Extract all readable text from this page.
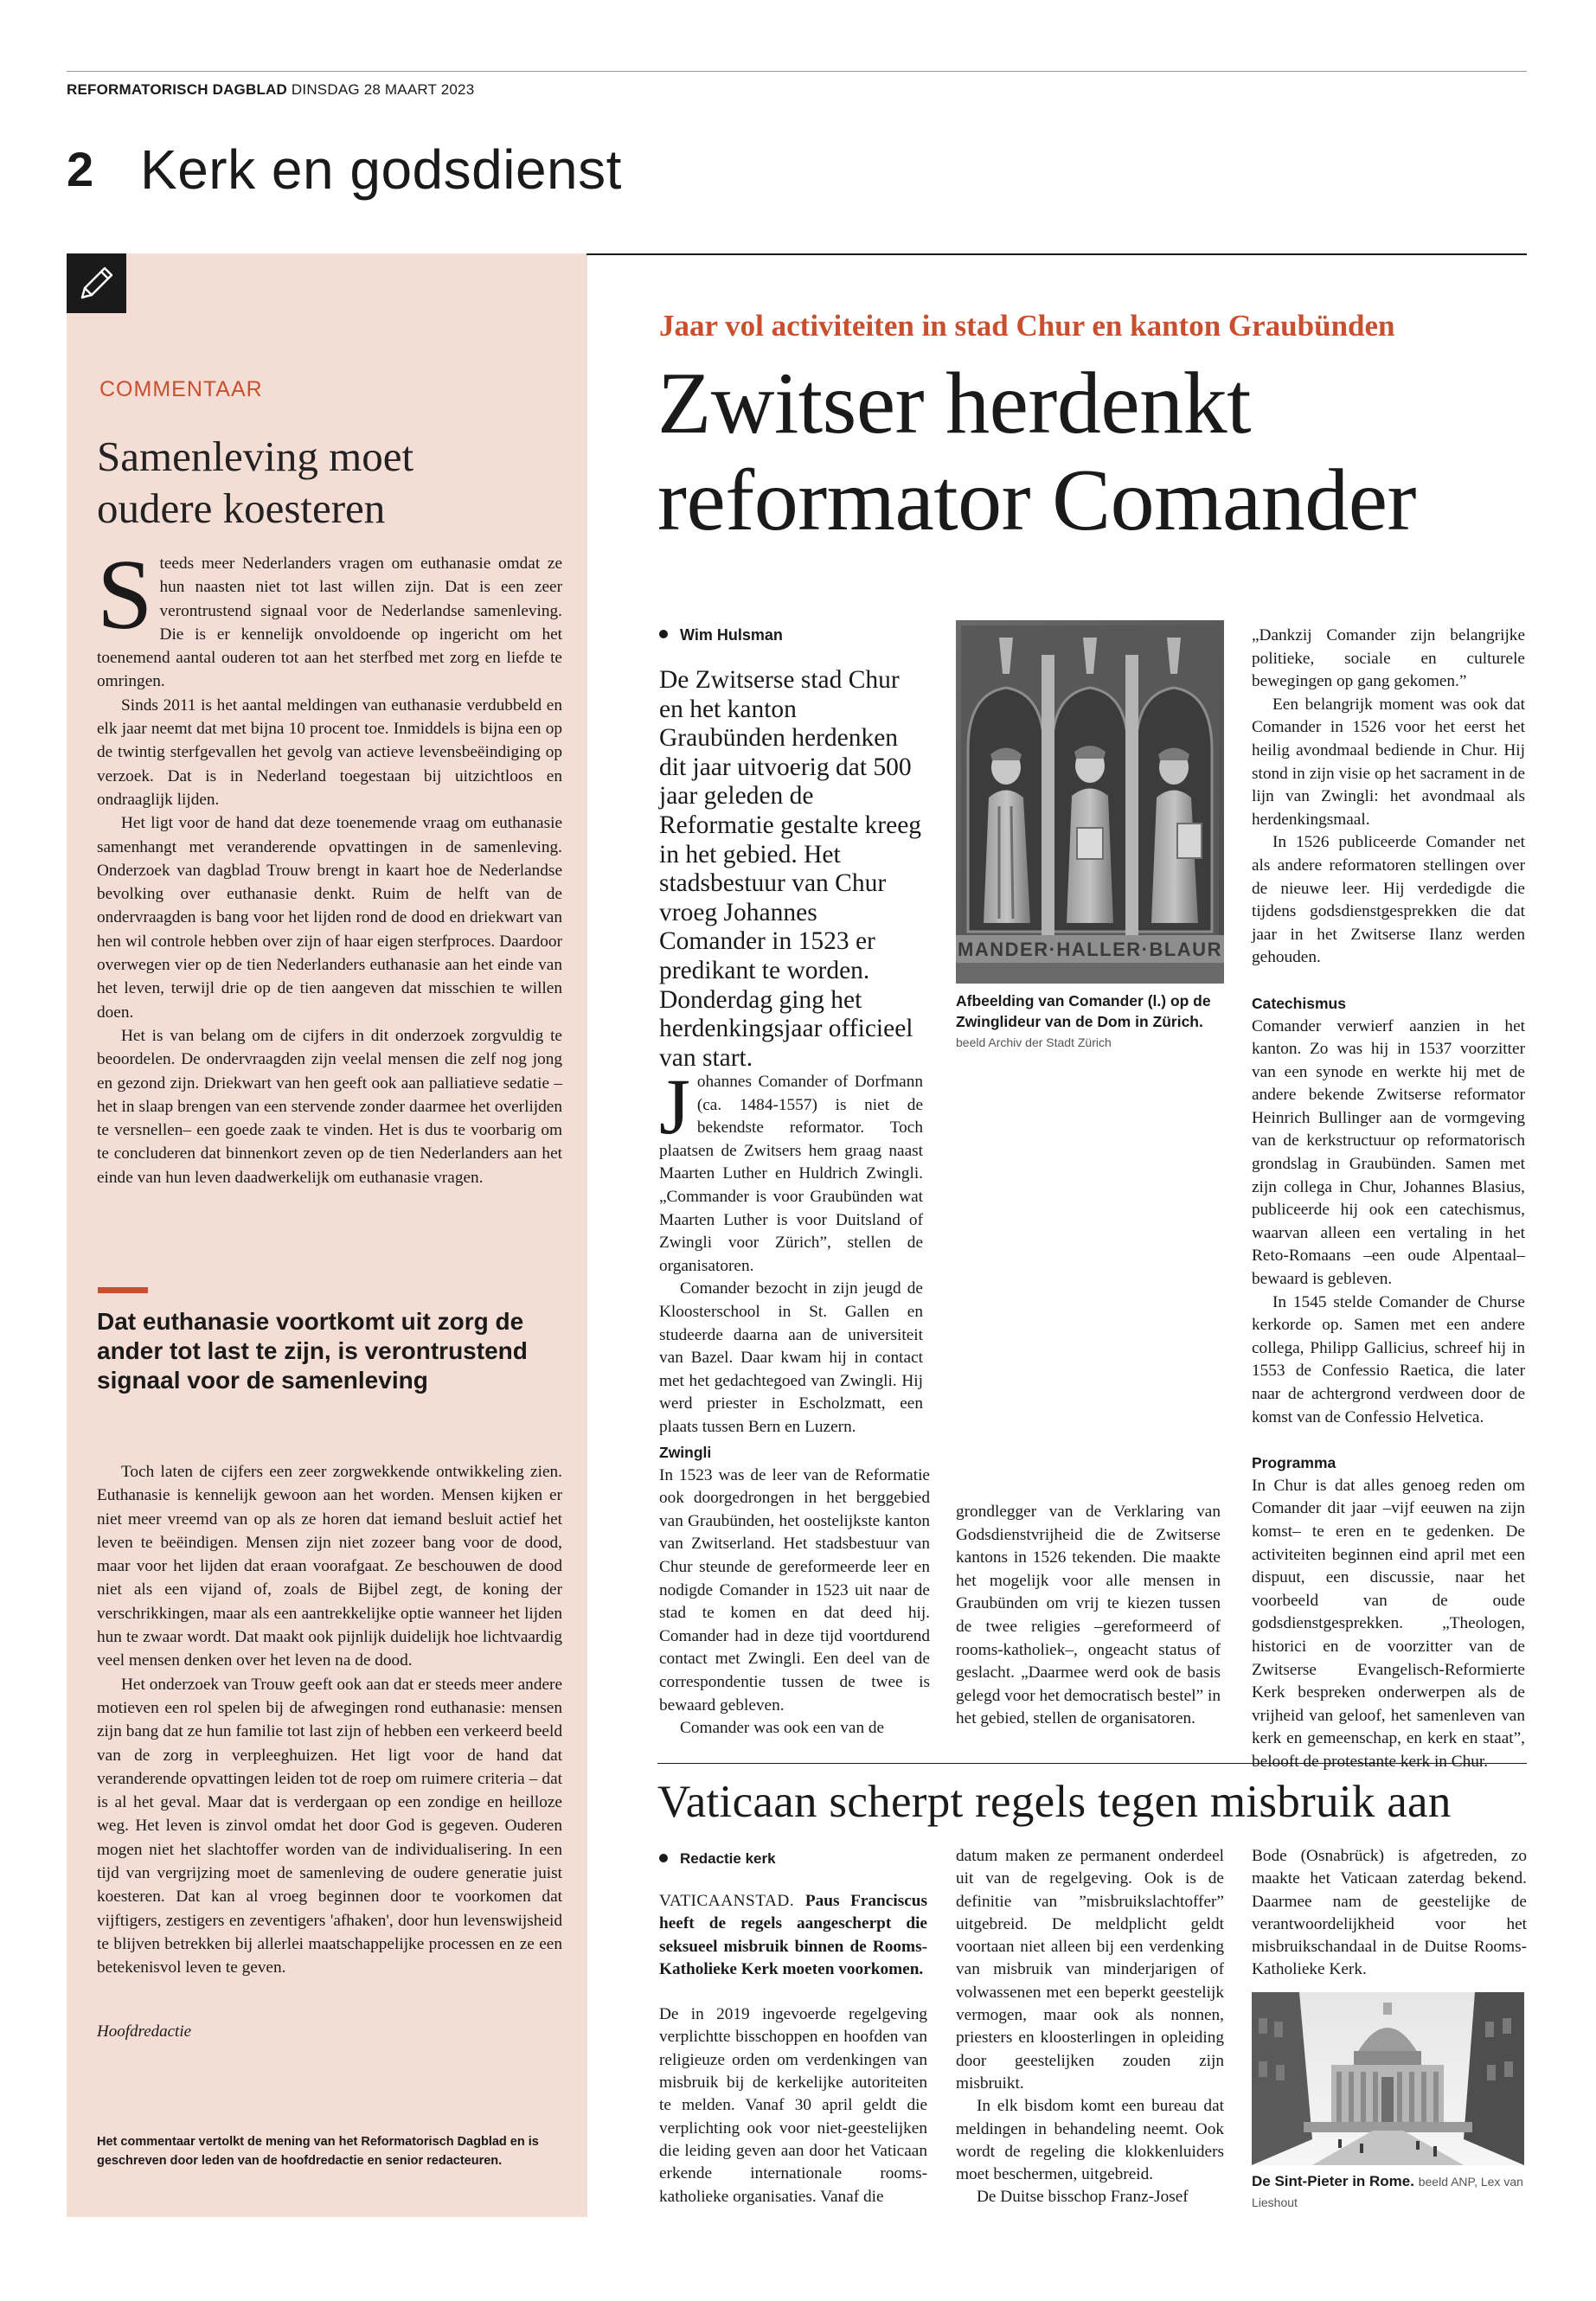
REFORMATORISCH DAGBLAD DINSDAG 28 MAART 2023
2 Kerk en godsdienst
COMMENTAAR
Samenleving moet
oudere koesteren

Steeds meer Nederlanders vragen om euthanasie omdat ze hun naasten niet tot last willen zijn. Dat is een zeer verontrustend signaal voor de Nederlandse samenleving. Die is er kennelijk onvoldoende op ingericht om het toenemend aantal ouderen tot aan het sterfbed met zorg en liefde te omringen.

Sinds 2011 is het aantal meldingen van euthanasie verdubbeld en elk jaar neemt dat met bijna 10 procent toe. Inmiddels is bijna een op de twintig sterfgevallen het gevolg van actieve levensbeëindiging op verzoek. Dat is in Nederland toegestaan bij uitzichtloos en ondraaglijk lijden.

Het ligt voor de hand dat deze toenemende vraag om euthanasie samenhangt met veranderende opvattingen in de samenleving. Onderzoek van dagblad Trouw brengt in kaart hoe de Nederlandse bevolking over euthanasie denkt. Ruim de helft van de ondervraagden is bang voor het lijden rond de dood en driekwart van hen wil controle hebben over zijn of haar eigen sterfproces. Daardoor overwegen vier op de tien Nederlanders euthanasie aan het einde van het leven, terwijl drie op de tien aangeven dat misschien te willen doen.

Het is van belang om de cijfers in dit onderzoek zorgvuldig te beoordelen. De ondervraagden zijn veelal mensen die zelf nog jong en gezond zijn. Driekwart van hen geeft ook aan palliatieve sedatie –het in slaap brengen van een stervende zonder daarmee het overlijden te versnellen– een goede zaak te vinden. Het is dus te voorbarig om te concluderen dat binnenkort zeven op de tien Nederlanders aan het einde van hun leven daadwerkelijk om euthanasie vragen.

Dat euthanasie voortkomt uit zorg de ander tot last te zijn, is verontrustend signaal voor de samenleving

Toch laten de cijfers een zeer zorgwekkende ontwikkeling zien. Euthanasie is kennelijk gewoon aan het worden. Mensen kijken er niet meer vreemd van op als ze horen dat iemand besluit actief het leven te beëindigen. Mensen zijn niet zozeer bang voor de dood, maar voor het lijden dat eraan voorafgaat. Ze beschouwen de dood niet als een vijand of, zoals de Bijbel zegt, de koning der verschrikkingen, maar als een aantrekkelijke optie wanneer het lijden hun te zwaar wordt. Dat maakt ook pijnlijk duidelijk hoe lichtvaardig veel mensen denken over het leven na de dood.

Het onderzoek van Trouw geeft ook aan dat er steeds meer andere motieven een rol spelen bij de afwegingen rond euthanasie: mensen zijn bang dat ze hun familie tot last zijn of hebben een verkeerd beeld van de zorg in verpleeghuizen. Het ligt voor de hand dat veranderende opvattingen leiden tot de roep om ruimere criteria – dat is al het geval. Maar dat is verdergaan op een zondige en heilloze weg. Het leven is zinvol omdat het door God is gegeven. Ouderen mogen niet het slachtoffer worden van de individualisering. In een tijd van vergrijzing moet de samenleving de oudere generatie juist koesteren. Dat kan al vroeg beginnen door te voorkomen dat vijftigers, zestigers en zeventigers 'afhaken', door hun levenswijsheid te blijven betrekken bij allerlei maatschappelijke processen en ze een betekenisvol leven te geven.

Hoofdredactie
Het commentaar vertolkt de mening van het Reformatorisch Dagblad en is geschreven door leden van de hoofdredactie en senior redacteuren.
Jaar vol activiteiten in stad Chur en kanton Graubünden
Zwitser herdenkt
reformator Comander
Wim Hulsman
De Zwitserse stad Chur en het kanton Graubünden herdenken dit jaar uitvoerig dat 500 jaar geleden de Reformatie gestalte kreeg in het gebied. Het stadsbestuur van Chur vroeg Johannes Comander in 1523 er predikant te worden. Donderdag ging het herdenkingsjaar officieel van start.

Johannes Comander of Dorfmann (ca. 1484-1557) is niet de bekendste reformator. Toch plaatsen de Zwitsers hem graag naast Maarten Luther en Huldrich Zwingli. „Commander is voor Graubünden wat Maarten Luther is voor Duitsland of Zwingli voor Zürich”, stellen de organisatoren.

Comander bezocht in zijn jeugd de Kloosterschool in St. Gallen en studeerde daarna aan de universiteit van Bazel. Daar kwam hij in contact met het gedachtegoed van Zwingli. Hij werd priester in Escholzmatt, een plaats tussen Bern en Luzern.

Zwingli

In 1523 was de leer van de Reformatie ook doorgedrongen in het berggebied van Graubünden, het oostelijkste kanton van Zwitserland. Het stadsbestuur van Chur steunde de gereformeerde leer en nodigde Comander in 1523 uit naar de stad te komen en dat deed hij. Comander had in deze tijd voortdurend contact met Zwingli. Een deel van de correspondentie tussen de twee is bewaard gebleven.

Comander was ook een van de

MANDER·HALLER·BLAUR
Afbeelding van Comander (l.) op de Zwinglideur van de Dom in Zürich. beeld Archiv der Stadt Zürich

grondlegger van de Verklaring van Godsdienstvrijheid die de Zwitserse kantons in 1526 tekenden. Die maakte het mogelijk voor alle mensen in Graubünden om vrij te kiezen tussen de twee religies –gereformeerd of rooms-katholiek–, ongeacht status of geslacht. „Daarmee werd ook de basis gelegd voor het democratisch bestel” in het gebied, stellen de organisatoren.

„Dankzij Comander zijn belangrijke politieke, sociale en culturele bewegingen op gang gekomen.”

Een belangrijk moment was ook dat Comander in 1526 voor het eerst het heilig avondmaal bediende in Chur. Hij stond in zijn visie op het sacrament in de lijn van Zwingli: het avondmaal als herdenkingsmaal.

In 1526 publiceerde Comander net als andere reformatoren stellingen over de nieuwe leer. Hij verdedigde die tijdens godsdienstgesprekken die dat jaar in het Zwitserse Ilanz werden gehouden.

Catechismus

Comander verwierf aanzien in het kanton. Zo was hij in 1537 voorzitter van een synode en werkte hij met de andere bekende Zwitserse reformator Heinrich Bullinger aan de vormgeving van de kerkstructuur op reformatorisch grondslag in Graubünden. Samen met zijn collega in Chur, Johannes Blasius, publiceerde hij ook een catechismus, waarvan alleen een vertaling in het Reto-Romaans –een oude Alpentaal– bewaard is gebleven.

In 1545 stelde Comander de Churse kerkorde op. Samen met een andere collega, Philipp Gallicius, schreef hij in 1553 de Confessio Raetica, die later naar de achtergrond verdween door de komst van de Confessio Helvetica.

Programma

In Chur is dat alles genoeg reden om Comander dit jaar –vijf eeuwen na zijn komst– te eren en te gedenken. De activiteiten beginnen eind april met een dispuut, een discussie, naar het voorbeeld van de oude godsdienstgesprekken. „Theologen, historici en de voorzitter van de Zwitserse Evangelisch-Reformierte Kerk bespreken onderwerpen als de vrijheid van geloof, het samenleven van kerk en gemeenschap, en kerk en staat”, belooft de protestante kerk in Chur.

Vaticaan scherpt regels tegen misbruik aan
Redactie kerk

VATICAANSTAD. Paus Franciscus heeft de regels aangescherpt die seksueel misbruik binnen de Rooms-Katholieke Kerk moeten voorkomen.

De in 2019 ingevoerde regelgeving verplichtte bisschoppen en hoofden van religieuze orden om verdenkingen van misbruik bij de kerkelijke autoriteiten te melden. Vanaf 30 april geldt die verplichting ook voor niet-geestelijken die leiding geven aan door het Vaticaan erkende internationale rooms-katholieke organisaties. Vanaf die

datum maken ze permanent onderdeel uit van de regelgeving. Ook is de definitie van ”misbruikslachtoffer” uitgebreid. De meldplicht geldt voortaan niet alleen bij een verdenking van misbruik van minderjarigen of volwassenen met een beperkt geestelijk vermogen, maar ook als nonnen, priesters en kloosterlingen in opleiding door geestelijken zouden zijn misbruikt.

In elk bisdom komt een bureau dat meldingen in behandeling neemt. Ook wordt de regeling die klokkenluiders moet beschermen, uitgebreid.

De Duitse bisschop Franz-Josef

Bode (Osnabrück) is afgetreden, zo maakte het Vaticaan zaterdag bekend. Daarmee nam de geestelijke de verantwoordelijkheid voor het misbruikschandaal in de Duitse Rooms-Katholieke Kerk.

De Sint-Pieter in Rome. beeld ANP, Lex van Lieshout
